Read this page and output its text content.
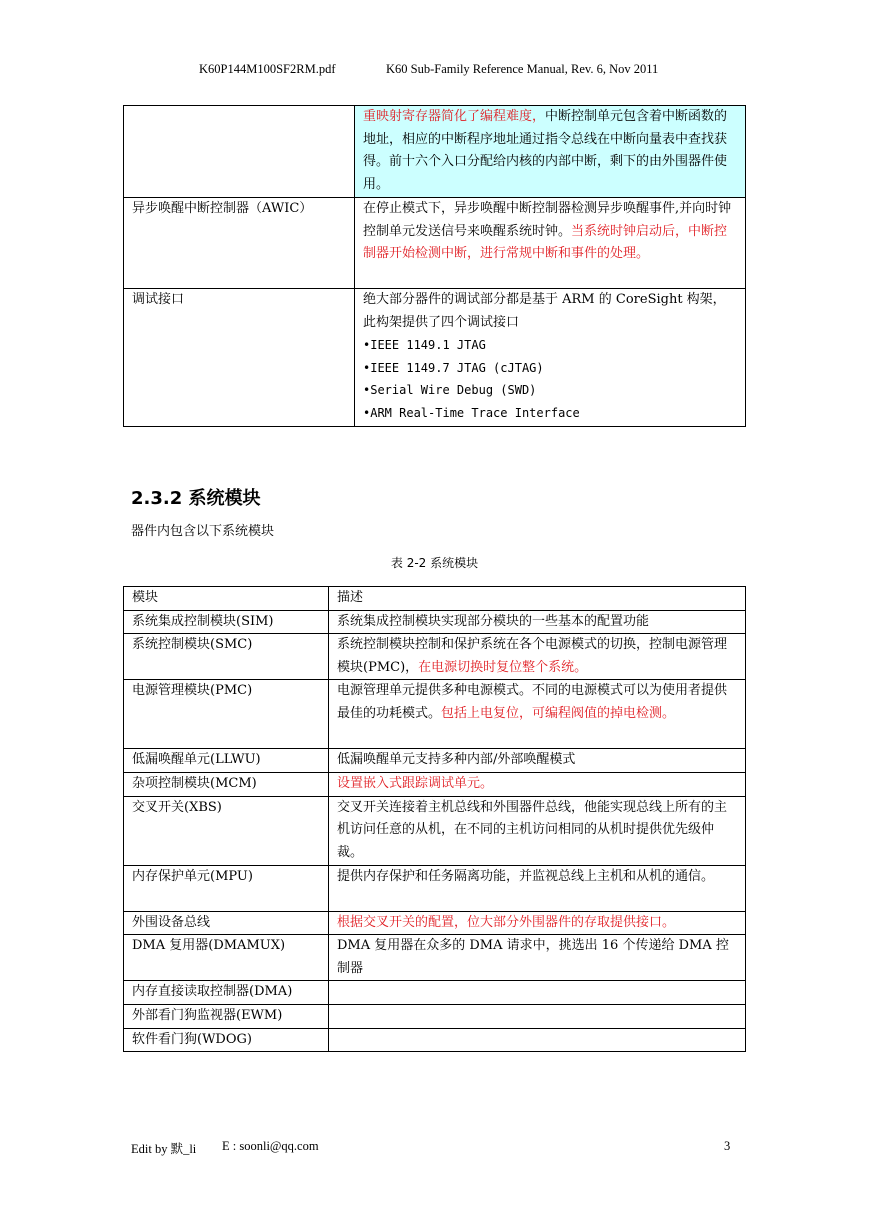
K60P144M100SF2RM.pdf	K60 Sub-Family Reference Manual, Rev. 6, Nov 2011
	重映射寄存器简化了编程难度，中断控制单元包含着中断函数的地址，相应的中断程序地址通过指令总线在中断向量表中查找获得。前十六个入口分配给内核的内部中断，剩下的由外围器件使用。
异步唤醒中断控制器（AWIC）	在停止模式下，异步唤醒中断控制器检测异步唤醒事件,并向时钟控制单元发送信号来唤醒系统时钟。当系统时钟启动后，中断控制器开始检测中断，进行常规中断和事件的处理。
调试接口	绝大部分器件的调试部分都是基于 ARM 的 CoreSight 构架，此构架提供了四个调试接口
•IEEE 1149.1 JTAG
•IEEE 1149.7 JTAG (cJTAG)
•Serial Wire Debug (SWD)
•ARM Real-Time Trace Interface
2.3.2 系统模块
器件内包含以下系统模块
表 2-2 系统模块
模块	描述
系统集成控制模块(SIM)	系统集成控制模块实现部分模块的一些基本的配置功能
系统控制模块(SMC)	系统控制模块控制和保护系统在各个电源模式的切换，控制电源管理模块(PMC)，在电源切换时复位整个系统。
电源管理模块(PMC)	电源管理单元提供多种电源模式。不同的电源模式可以为使用者提供最佳的功耗模式。包括上电复位，可编程阀值的掉电检测。
低漏唤醒单元(LLWU)	低漏唤醒单元支持多种内部/外部唤醒模式
杂项控制模块(MCM)	设置嵌入式跟踪调试单元。
交叉开关(XBS)	交叉开关连接着主机总线和外围器件总线，他能实现总线上所有的主机访问任意的从机，在不同的主机访问相同的从机时提供优先级仲裁。
内存保护单元(MPU)	提供内存保护和任务隔离功能，并监视总线上主机和从机的通信。
外围设备总线	根据交叉开关的配置，位大部分外围器件的存取提供接口。
DMA 复用器(DMAMUX)	DMA 复用器在众多的 DMA 请求中，挑选出 16 个传递给 DMA 控制器
内存直接读取控制器(DMA)	
外部看门狗监视器(EWM)	
软件看门狗(WDOG)	
Edit by 默_li E : soonli@qq.com	3
